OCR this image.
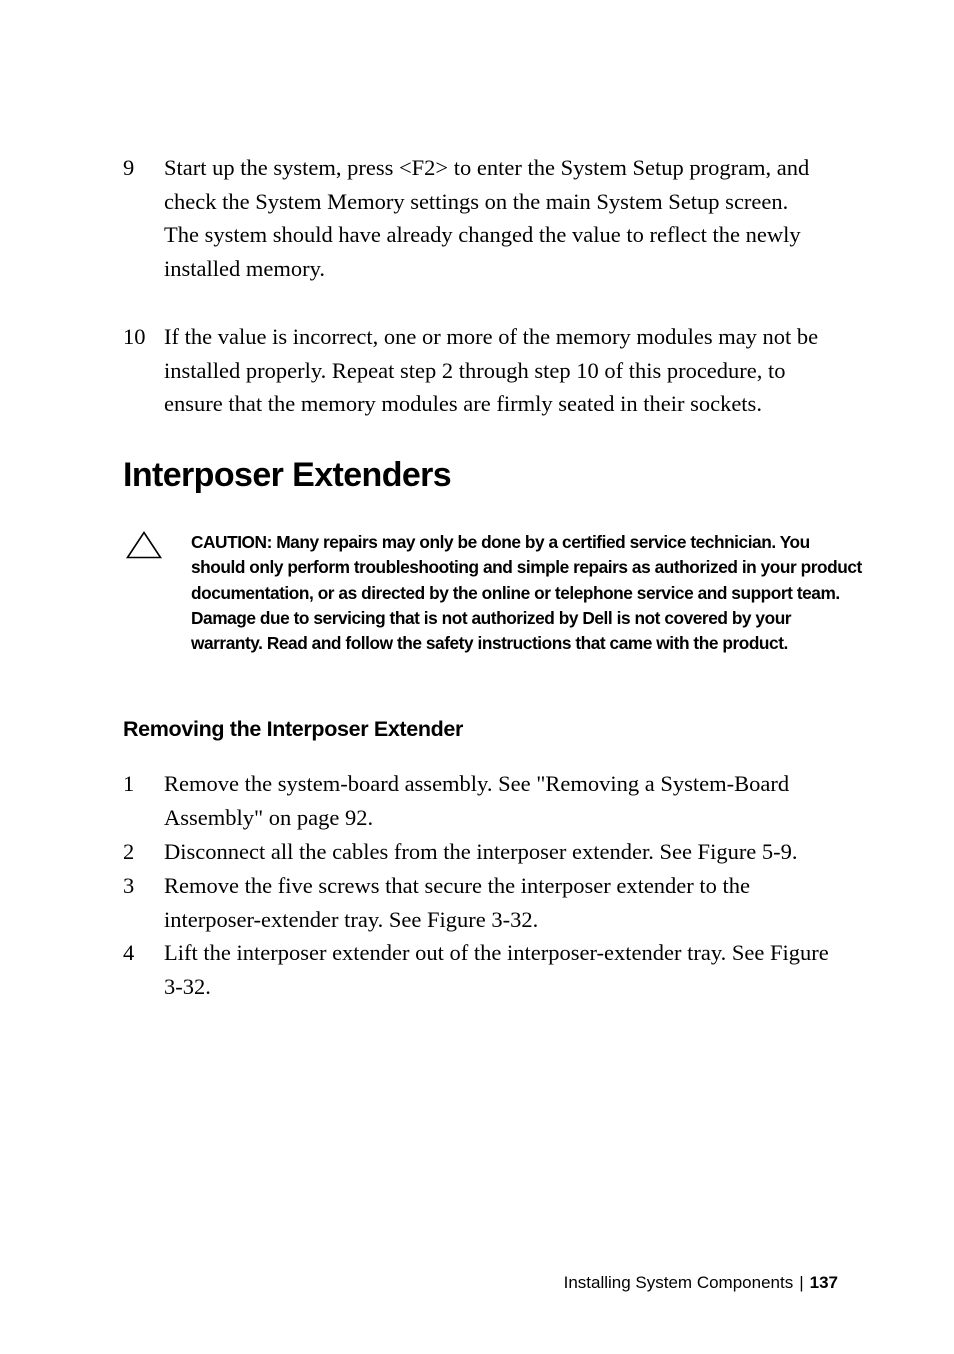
9 Start up the system, press <F2> to enter the System Setup program, and check the System Memory settings on the main System Setup screen.

The system should have already changed the value to reflect the newly installed memory.

10 If the value is incorrect, one or more of the memory modules may not be installed properly. Repeat step 2 through step 10 of this procedure, to ensure that the memory modules are firmly seated in their sockets.

Interposer Extenders
CAUTION: Many repairs may only be done by a certified service technician. You should only perform troubleshooting and simple repairs as authorized in your product documentation, or as directed by the online or telephone service and support team. Damage due to servicing that is not authorized by Dell is not covered by your warranty. Read and follow the safety instructions that came with the product.
Removing the Interposer Extender
1 Remove the system-board assembly. See "Removing a System-Board Assembly" on page 92.

2 Disconnect all the cables from the interposer extender. See Figure 5-9.

3 Remove the five screws that secure the interposer extender to the interposer-extender tray. See Figure 3-32.

4 Lift the interposer extender out of the interposer-extender tray. See Figure 3-32.

Installing System Components | 137
